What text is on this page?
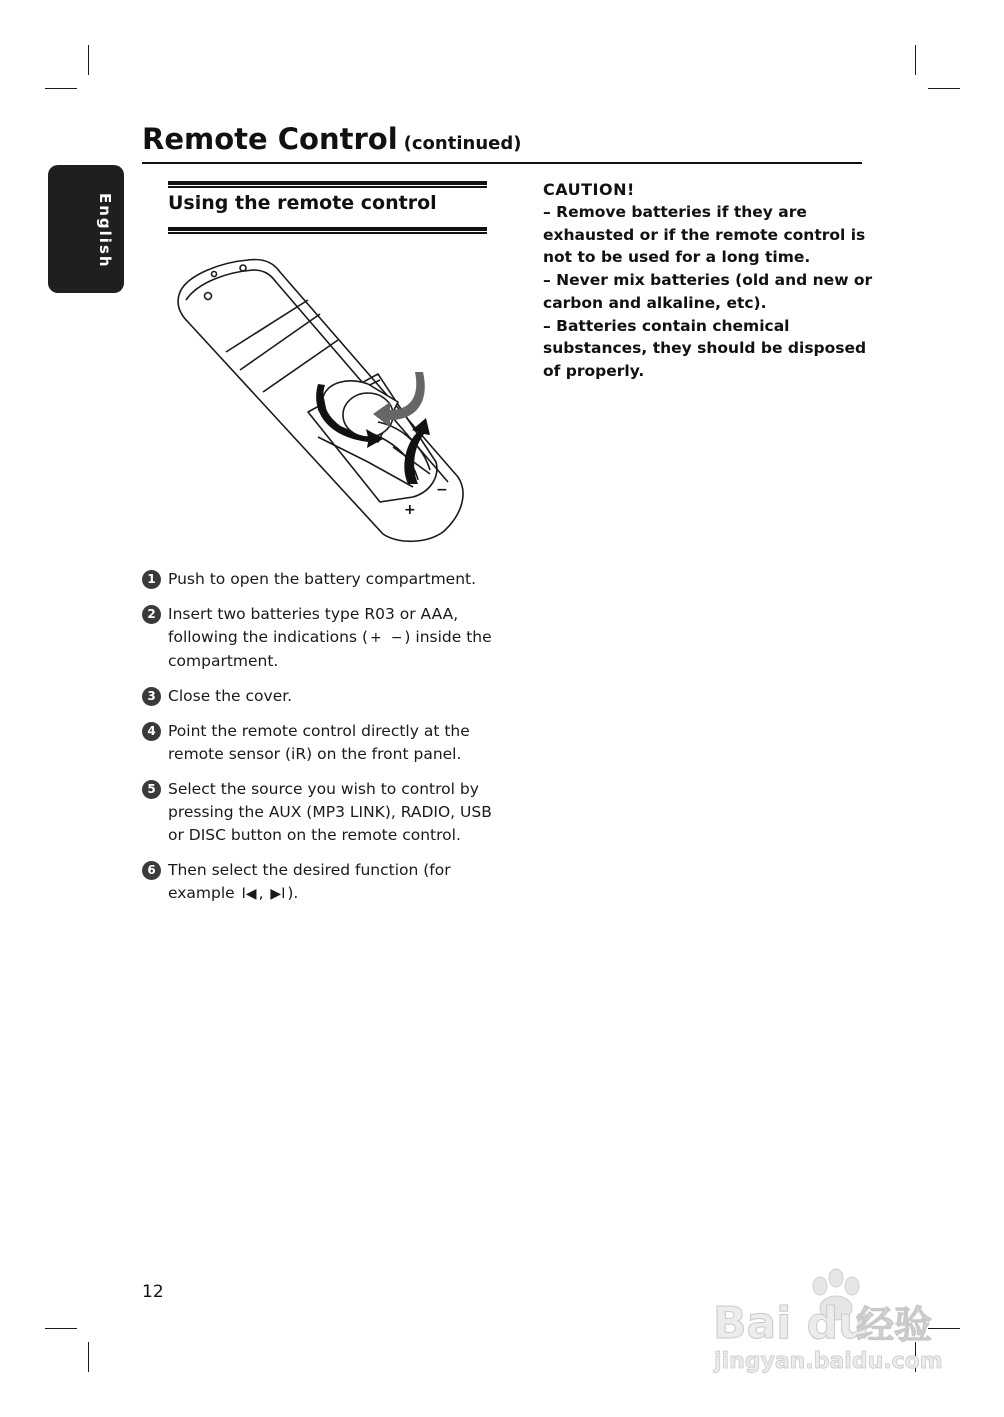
English
Remote Control (continued)
Using the remote control
+
−
1 Push to open the battery compartment.
2 Insert two batteries type R03 or AAA, following the indications ( + − ) inside the compartment.
3 Close the cover.
4 Point the remote control directly at the remote sensor (iR) on the front panel.
5 Select the source you wish to control by pressing the AUX (MP3 LINK), RADIO, USB or DISC button on the remote control.
6 Then select the desired function (for example I◀ , ▶I ).
CAUTION!

– Remove batteries if they are exhausted or if the remote control is not to be used for a long time.

– Never mix batteries (old and new or carbon and alkaline, etc).

– Batteries contain chemical substances, they should be disposed of properly.

12
Bai du
经验
jingyan.baidu.com
